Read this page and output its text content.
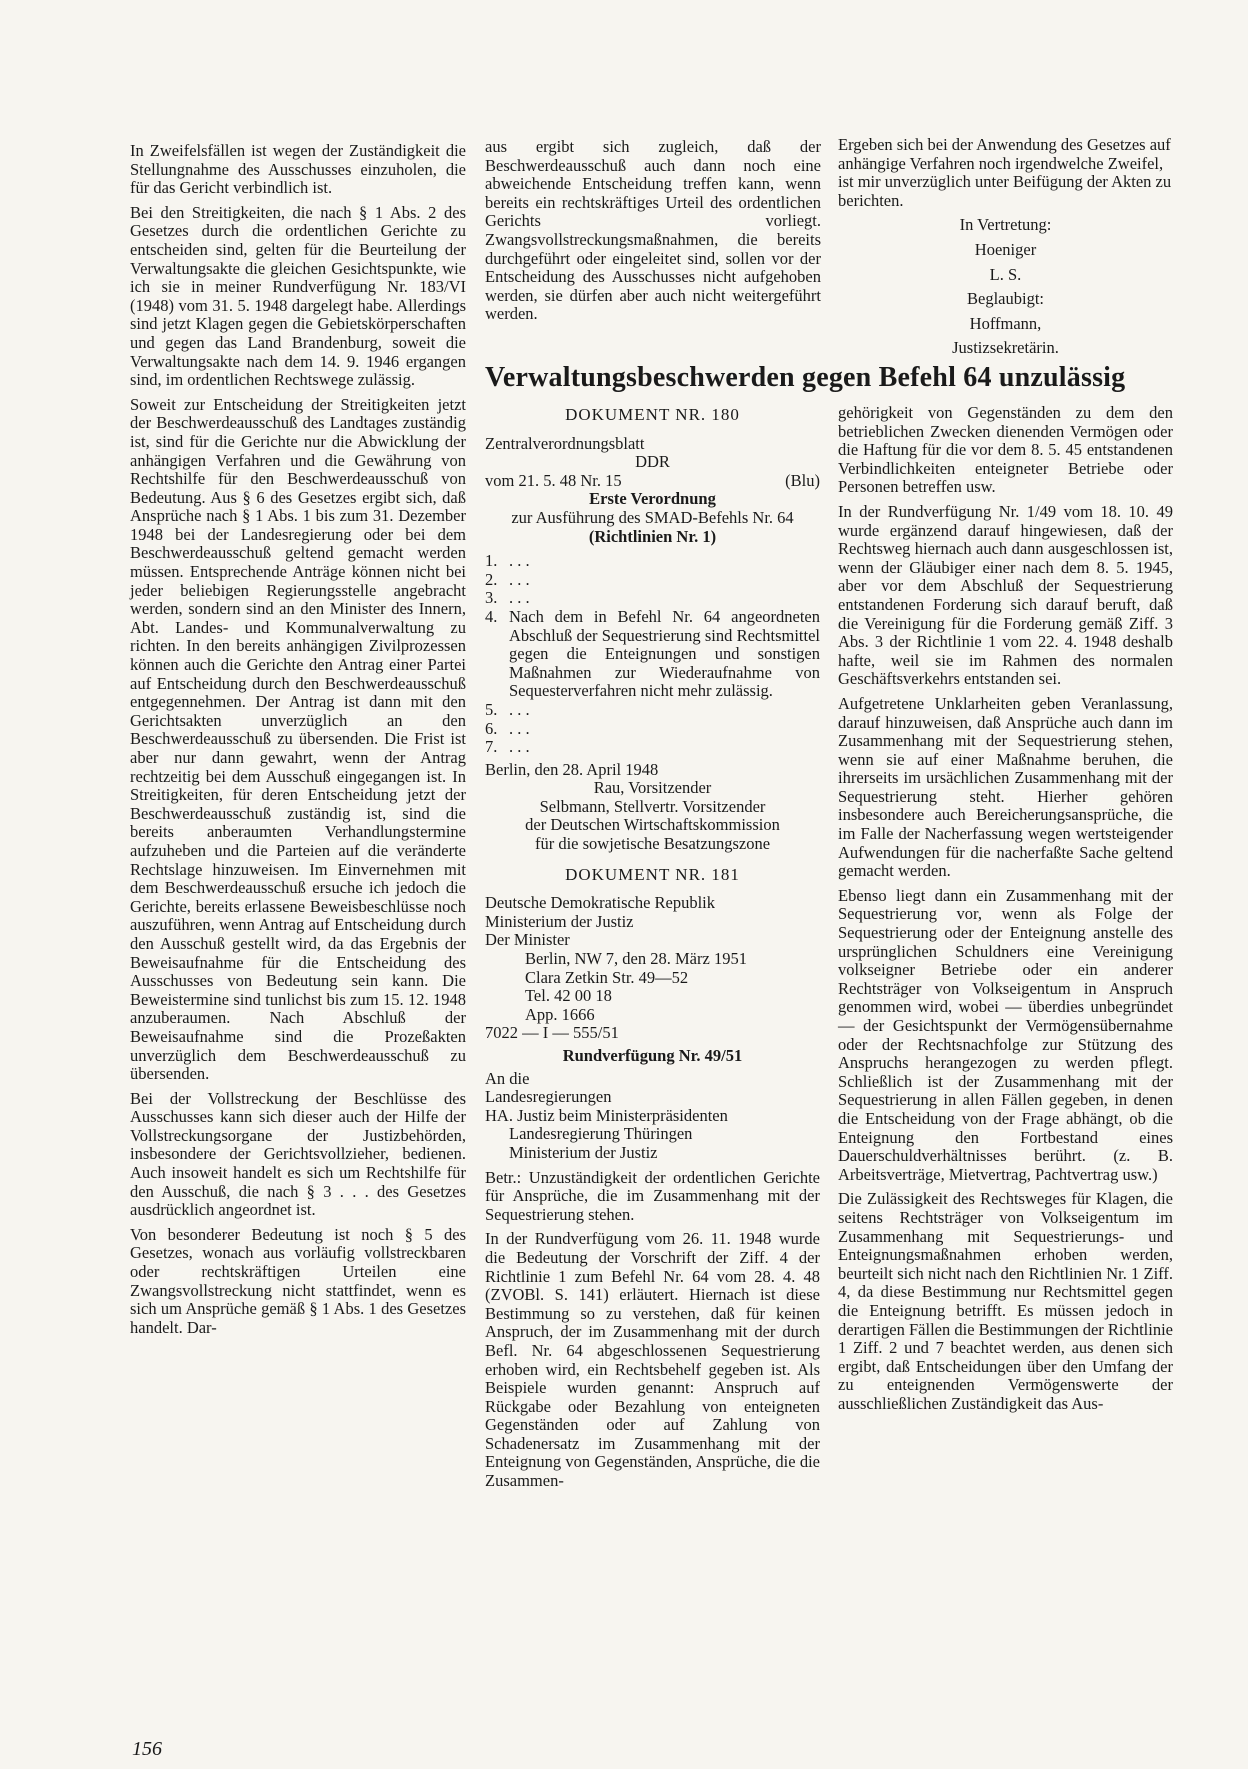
In Zweifelsfällen ist wegen der Zuständigkeit die Stellungnahme des Ausschusses einzuholen, die für das Gericht verbindlich ist.

Bei den Streitigkeiten, die nach § 1 Abs. 2 des Gesetzes durch die ordentlichen Gerichte zu entscheiden sind, gelten für die Beurteilung der Verwaltungsakte die gleichen Gesichtspunkte, wie ich sie in meiner Rundverfügung Nr. 183/VI (1948) vom 31. 5. 1948 dargelegt habe. Allerdings sind jetzt Klagen gegen die Gebietskörperschaften und gegen das Land Brandenburg, soweit die Verwaltungsakte nach dem 14. 9. 1946 ergangen sind, im ordentlichen Rechtswege zulässig.

Soweit zur Entscheidung der Streitigkeiten jetzt der Beschwerdeausschuß des Landtages zuständig ist, sind für die Gerichte nur die Abwicklung der anhängigen Verfahren und die Gewährung von Rechtshilfe für den Beschwerdeausschuß von Bedeutung. Aus § 6 des Gesetzes ergibt sich, daß Ansprüche nach § 1 Abs. 1 bis zum 31. Dezember 1948 bei der Landesregierung oder bei dem Beschwerdeausschuß geltend gemacht werden müssen. Entsprechende Anträge können nicht bei jeder beliebigen Regierungsstelle angebracht werden, sondern sind an den Minister des Innern, Abt. Landes- und Kommunalverwaltung zu richten. In den bereits anhängigen Zivilprozessen können auch die Gerichte den Antrag einer Partei auf Entscheidung durch den Beschwerdeausschuß entgegennehmen. Der Antrag ist dann mit den Gerichtsakten unverzüglich an den Beschwerdeausschuß zu übersenden. Die Frist ist aber nur dann gewahrt, wenn der Antrag rechtzeitig bei dem Ausschuß eingegangen ist. In Streitigkeiten, für deren Entscheidung jetzt der Beschwerdeausschuß zuständig ist, sind die bereits anberaumten Verhandlungstermine aufzuheben und die Parteien auf die veränderte Rechtslage hinzuweisen. Im Einvernehmen mit dem Beschwerdeausschuß ersuche ich jedoch die Gerichte, bereits erlassene Beweisbeschlüsse noch auszuführen, wenn Antrag auf Entscheidung durch den Ausschuß gestellt wird, da das Ergebnis der Beweisaufnahme für die Entscheidung des Ausschusses von Bedeutung sein kann. Die Beweistermine sind tunlichst bis zum 15. 12. 1948 anzuberaumen. Nach Abschluß der Beweisaufnahme sind die Prozeßakten unverzüglich dem Beschwerdeausschuß zu übersenden.

Bei der Vollstreckung der Beschlüsse des Ausschusses kann sich dieser auch der Hilfe der Vollstreckungsorgane der Justizbehörden, insbesondere der Gerichtsvollzieher, bedienen. Auch insoweit handelt es sich um Rechtshilfe für den Ausschuß, die nach § 3 . . . des Gesetzes ausdrücklich angeordnet ist.

Von besonderer Bedeutung ist noch § 5 des Gesetzes, wonach aus vorläufig vollstreckbaren oder rechtskräftigen Urteilen eine Zwangsvollstreckung nicht stattfindet, wenn es sich um Ansprüche gemäß § 1 Abs. 1 des Gesetzes handelt. Dar-

aus ergibt sich zugleich, daß der Beschwerdeausschuß auch dann noch eine abweichende Entscheidung treffen kann, wenn bereits ein rechtskräftiges Urteil des ordentlichen Gerichts vorliegt. Zwangsvollstreckungsmaßnahmen, die bereits durchgeführt oder eingeleitet sind, sollen vor der Entscheidung des Ausschusses nicht aufgehoben werden, sie dürfen aber auch nicht weitergeführt werden.

Ergeben sich bei der Anwendung des Gesetzes auf anhängige Verfahren noch irgendwelche Zweifel, ist mir unverzüglich unter Beifügung der Akten zu berichten.

In Vertretung:

Hoeniger

L. S.

Beglaubigt:

Hoffmann,

Justizsekretärin.

Verwaltungsbeschwerden gegen Befehl 64 unzulässig
DOKUMENT NR. 180
Zentralverordnungsblatt
DDR
vom 21. 5. 48 Nr. 15	(Blu)
Erste Verordnung
zur Ausführung des SMAD-Befehls Nr. 64
(Richtlinien Nr. 1)
1. . . .
2. . . .
3. . . .
4. Nach dem in Befehl Nr. 64 angeordneten Abschluß der Sequestrierung sind Rechtsmittel gegen die Enteignungen und sonstigen Maßnahmen zur Wiederaufnahme von Sequesterverfahren nicht mehr zulässig.
5. . . .
6. . . .
7. . . .
Berlin, den 28. April 1948
Rau, Vorsitzender
Selbmann, Stellvertr. Vorsitzender
der Deutschen Wirtschaftskommission
für die sowjetische Besatzungszone
DOKUMENT NR. 181
Deutsche Demokratische Republik
Ministerium der Justiz
Der Minister
Berlin, NW 7, den 28. März 1951
Clara Zetkin Str. 49—52
Tel. 42 00 18
App. 1666
7022 — I — 555/51
Rundverfügung Nr. 49/51
An die
Landesregierungen
HA. Justiz beim Ministerpräsidenten
Landesregierung Thüringen
Ministerium der Justiz

Betr.: Unzuständigkeit der ordentlichen Gerichte für Ansprüche, die im Zusammenhang mit der Sequestrierung stehen.

In der Rundverfügung vom 26. 11. 1948 wurde die Bedeutung der Vorschrift der Ziff. 4 der Richtlinie 1 zum Befehl Nr. 64 vom 28. 4. 48 (ZVOBl. S. 141) erläutert. Hiernach ist diese Bestimmung so zu verstehen, daß für keinen Anspruch, der im Zusammenhang mit der durch Befl. Nr. 64 abgeschlossenen Sequestrierung erhoben wird, ein Rechtsbehelf gegeben ist. Als Beispiele wurden genannt: Anspruch auf Rückgabe oder Bezahlung von enteigneten Gegenständen oder auf Zahlung von Schadenersatz im Zusammenhang mit der Enteignung von Gegenständen, Ansprüche, die die Zusammen-

gehörigkeit von Gegenständen zu dem den betrieblichen Zwecken dienenden Vermögen oder die Haftung für die vor dem 8. 5. 45 entstandenen Verbindlichkeiten enteigneter Betriebe oder Personen betreffen usw.

In der Rundverfügung Nr. 1/49 vom 18. 10. 49 wurde ergänzend darauf hingewiesen, daß der Rechtsweg hiernach auch dann ausgeschlossen ist, wenn der Gläubiger einer nach dem 8. 5. 1945, aber vor dem Abschluß der Sequestrierung entstandenen Forderung sich darauf beruft, daß die Vereinigung für die Forderung gemäß Ziff. 3 Abs. 3 der Richtlinie 1 vom 22. 4. 1948 deshalb hafte, weil sie im Rahmen des normalen Geschäftsverkehrs entstanden sei.

Aufgetretene Unklarheiten geben Veranlassung, darauf hinzuweisen, daß Ansprüche auch dann im Zusammenhang mit der Sequestrierung stehen, wenn sie auf einer Maßnahme beruhen, die ihrerseits im ursächlichen Zusammenhang mit der Sequestrierung steht. Hierher gehören insbesondere auch Bereicherungsansprüche, die im Falle der Nacherfassung wegen wertsteigender Aufwendungen für die nacherfaßte Sache geltend gemacht werden.

Ebenso liegt dann ein Zusammenhang mit der Sequestrierung vor, wenn als Folge der Sequestrierung oder der Enteignung anstelle des ursprünglichen Schuldners eine Vereinigung volkseigner Betriebe oder ein anderer Rechtsträger von Volkseigentum in Anspruch genommen wird, wobei — überdies unbegründet — der Gesichtspunkt der Vermögensübernahme oder der Rechtsnachfolge zur Stützung des Anspruchs herangezogen zu werden pflegt. Schließlich ist der Zusammenhang mit der Sequestrierung in allen Fällen gegeben, in denen die Entscheidung von der Frage abhängt, ob die Enteignung den Fortbestand eines Dauerschuldverhältnisses berührt. (z. B. Arbeitsverträge, Mietvertrag, Pachtvertrag usw.)

Die Zulässigkeit des Rechtsweges für Klagen, die seitens Rechtsträger von Volkseigentum im Zusammenhang mit Sequestrierungs- und Enteignungsmaßnahmen erhoben werden, beurteilt sich nicht nach den Richtlinien Nr. 1 Ziff. 4, da diese Bestimmung nur Rechtsmittel gegen die Enteignung betrifft. Es müssen jedoch in derartigen Fällen die Bestimmungen der Richtlinie 1 Ziff. 2 und 7 beachtet werden, aus denen sich ergibt, daß Entscheidungen über den Umfang der zu enteignenden Vermögenswerte der ausschließlichen Zuständigkeit das Aus-

156
